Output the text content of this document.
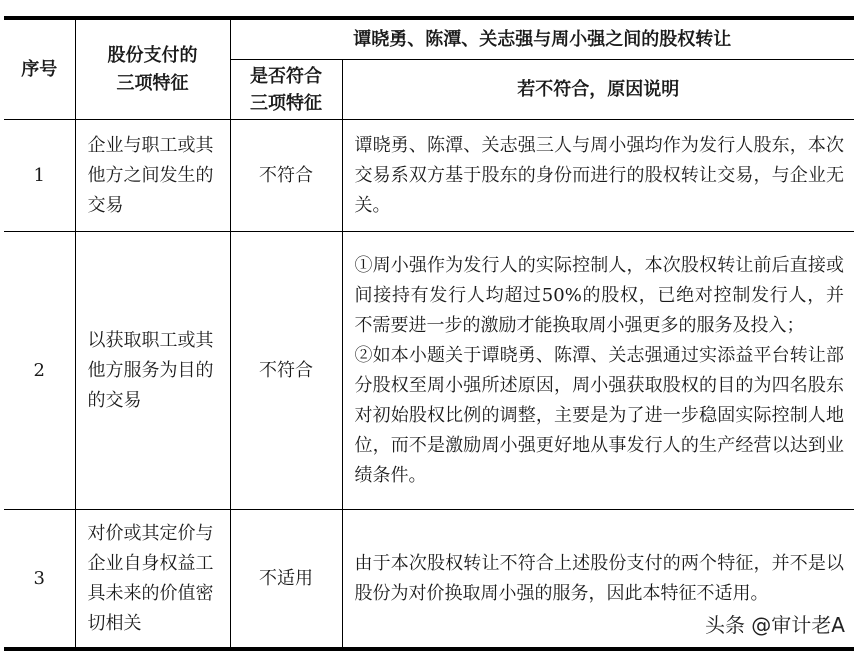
序号	股份支付的三项特征	谭晓勇、陈潭、关志强与周小强之间的股权转让	

		是否符合三项特征	若不符合，原因说明
1	企业与职工或其他方之间发生的交易	不符合	谭晓勇、陈潭、关志强三人与周小强均作为发行人股东，本次交易系双方基于股东的身份而进行的股权转让交易，与企业无关。

2	以获取职工或其他方服务为目的的交易	不符合	①周小强作为发行人的实际控制人，本次股权转让前后直接或间接持有发行人均超过50%的股权，已绝对控制发行人，并不需要进一步的激励才能换取周小强更多的服务及投入；
②如本小题关于谭晓勇、陈潭、关志强通过实添益平台转让部分股权至周小强所述原因，周小强获取股权的目的为四名股东对初始股权比例的调整，主要是为了进一步稳固实际控制人地位，而不是激励周小强更好地从事发行人的生产经营以达到业绩条件。

3	对价或其定价与企业自身权益工具未来的价值密切相关	不适用	由于本次股权转让不符合上述股份支付的两个特征，并不是以股份为对价换取周小强的服务，因此本特征不适用。
头条 @审计老A
